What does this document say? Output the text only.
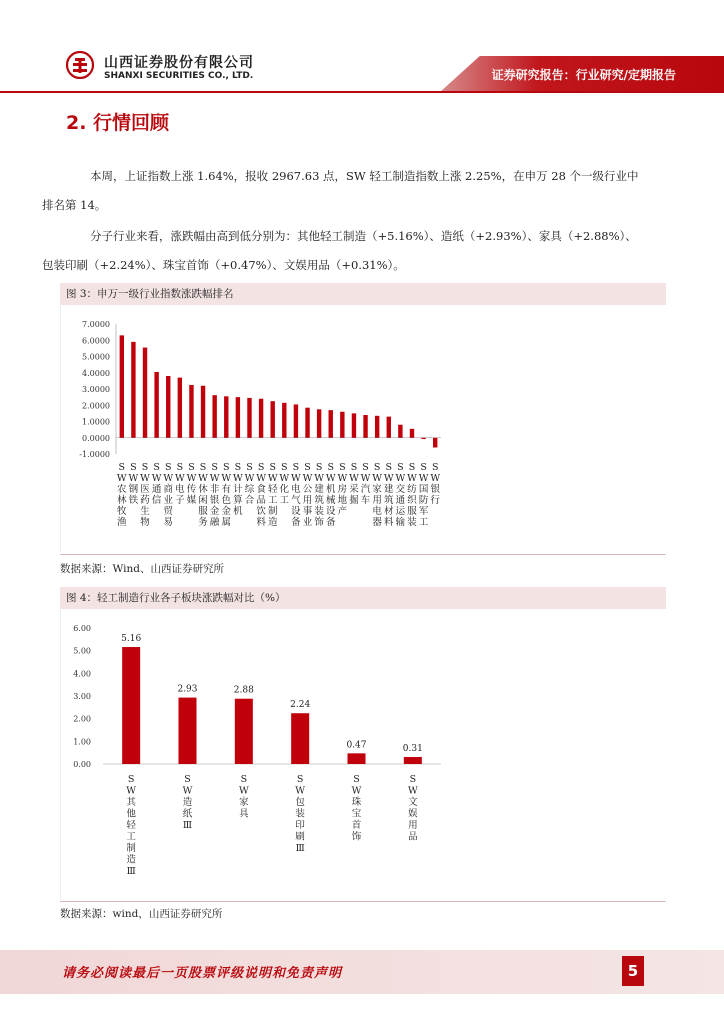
山西证券股份有限公司
SHANXI SECURITIES CO., LTD.	证券研究报告：行业研究/定期报告
2. 行情回顾
本周，上证指数上涨 1.64%，报收 2967.63 点，SW 轻工制造指数上涨 2.25%，在申万 28 个一级行业中
排名第 14。
分子行业来看，涨跌幅由高到低分别为：其他轻工制造（+5.16%）、造纸（+2.93%）、家具（+2.88%）、
包装印刷（+2.24%）、珠宝首饰（+0.47%）、文娱用品（+0.31%）。
图 3：申万一级行业指数涨跌幅排名
7.0000
6.0000
5.0000
4.0000
3.0000
2.0000
1.0000
0.0000
-1.0000
S
W
农
林
牧
渔
S
W
钢
铁
S
W
医
药
生
物
S
W
通
信
S
W
商
业
贸
易
S
W
电
子
S
W
传
媒
S
W
休
闲
服
务
S
W
非
银
金
融
S
W
有
色
金
属
S
W
计
算
机
S
W
综
合
S
W
食
品
饮
料
S
W
轻
工
制
造
S
W
化
工
S
W
电
气
设
备
S
W
公
用
事
业
S
W
建
筑
装
饰
S
W
机
械
设
备
S
W
房
地
产
S
W
采
掘
S
W
汽
车
S
W
家
用
电
器
S
W
建
筑
材
料
S
W
交
通
运
输
S
W
纺
织
服
装
S
W
国
防
军
工
S
W
银
行
数据来源：Wind、山西证券研究所
图 4：轻工制造行业各子板块涨跌幅对比（%）
6.00
5.00
4.00
3.00
2.00
1.00
0.00
5.16
S
W
其
他
轻
工
制
造
Ⅲ
2.93
S
W
造
纸
Ⅲ
2.88
S
W
家
具
2.24
S
W
包
装
印
刷
Ⅲ
0.47
S
W
珠
宝
首
饰
0.31
S
W
文
娱
用
品
数据来源：wind，山西证券研究所
请务必阅读最后一页股票评级说明和免责声明	5
